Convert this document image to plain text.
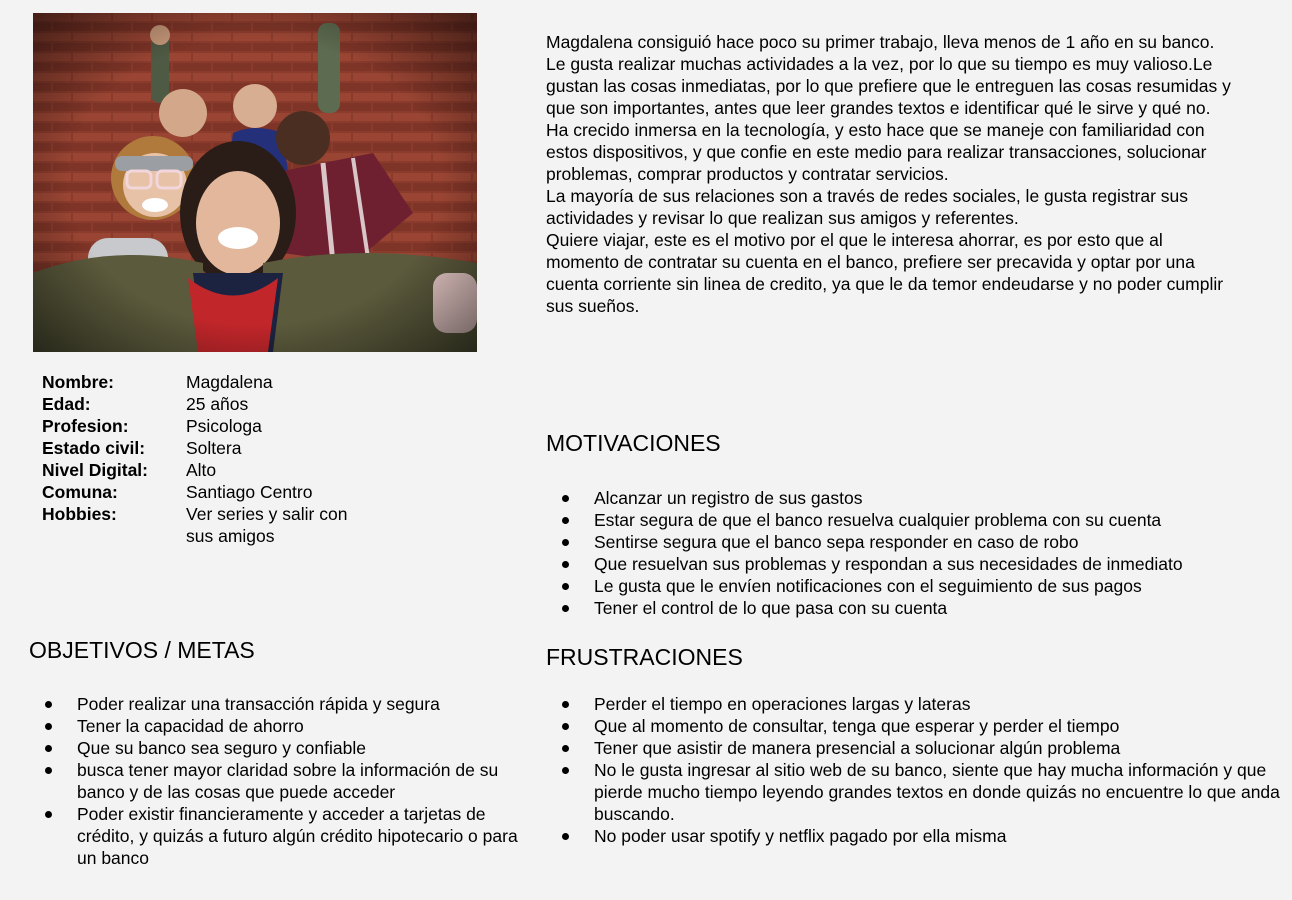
Nombre:	Magdalena
Edad:	25 años
Profesion:	Psicologa
Estado civil:	Soltera
Nivel Digital:	Alto
Comuna:	Santiago Centro
Hobbies:	Ver series y salir con sus amigos

Magdalena consiguió hace poco su primer trabajo, lleva menos de 1 año en su banco.

Le gusta realizar muchas actividades a la vez, por lo que su tiempo es muy valioso.Le gustan las cosas inmediatas, por lo que prefiere que le entreguen las cosas resumidas y que son importantes, antes que leer grandes textos e identificar qué le sirve y qué no.

Ha crecido inmersa en la tecnología, y esto hace que se maneje con familiaridad con estos dispositivos, y que confie en este medio para realizar transacciones, solucionar problemas, comprar productos y contratar servicios.

La mayoría de sus relaciones son a través de redes sociales, le gusta registrar sus actividades y revisar lo que realizan sus amigos y referentes.

Quiere viajar, este es el motivo por el que le interesa ahorrar, es por esto que al momento de contratar su cuenta en el banco, prefiere ser precavida y optar por una cuenta corriente sin linea de credito, ya que le da temor endeudarse y no poder cumplir sus sueños.

OBJETIVOS / METAS
Poder realizar una transacción rápida y segura
Tener la capacidad de ahorro
Que su banco sea seguro y confiable
busca tener mayor claridad sobre la información de su banco y de las cosas que puede acceder
Poder existir financieramente y acceder a tarjetas de crédito, y quizás a futuro algún crédito hipotecario o para un banco
MOTIVACIONES
Alcanzar un registro de sus gastos
Estar segura de que el banco resuelva cualquier problema con su cuenta
Sentirse segura que el banco sepa responder en caso de robo
Que resuelvan sus problemas y respondan a sus necesidades de inmediato
Le gusta que le envíen notificaciones con el seguimiento de sus pagos
Tener el control de lo que pasa con su cuenta
FRUSTRACIONES
Perder el tiempo en operaciones largas y lateras
Que al momento de consultar, tenga que esperar y perder el tiempo
Tener que asistir de manera presencial a solucionar algún problema
No le gusta ingresar al sitio web de su banco, siente que hay mucha información y que pierde mucho tiempo leyendo grandes textos en donde quizás no encuentre lo que anda buscando.
No poder usar spotify y netflix pagado por ella misma
